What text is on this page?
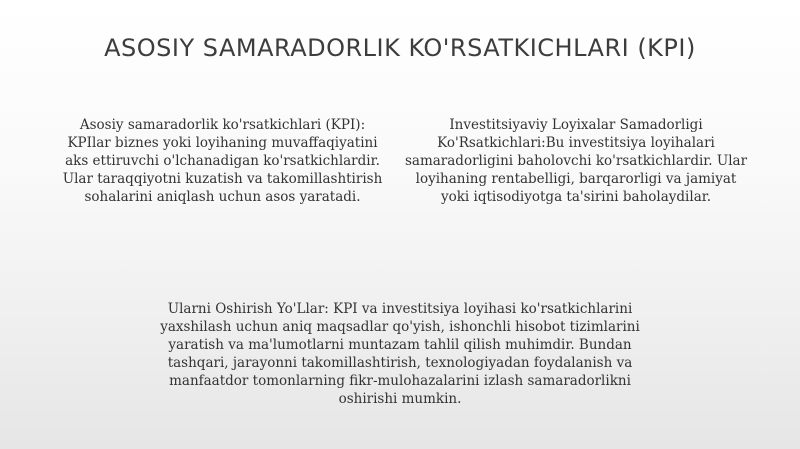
ASOSIY SAMARADORLIK KO'RSATKICHLARI (KPI)
Asosiy samaradorlik ko'rsatkichlari (KPI): KPIlar biznes yoki loyihaning muvaffaqiyatini aks ettiruvchi o'lchanadigan ko'rsatkichlardir. Ular taraqqiyotni kuzatish va takomillashtirish sohalarini aniqlash uchun asos yaratadi.
Investitsiyaviy Loyixalar Samadorligi Ko'Rsatkichlari:Bu investitsiya loyihalari samaradorligini baholovchi ko'rsatkichlardir. Ular loyihaning rentabelligi, barqarorligi va jamiyat yoki iqtisodiyotga ta'sirini baholaydilar.
Ularni Oshirish Yo'Llar: KPI va investitsiya loyihasi ko'rsatkichlarini yaxshilash uchun aniq maqsadlar qo'yish, ishonchli hisobot tizimlarini yaratish va ma'lumotlarni muntazam tahlil qilish muhimdir. Bundan tashqari, jarayonni takomillashtirish, texnologiyadan foydalanish va manfaatdor tomonlarning fikr-mulohazalarini izlash samaradorlikni oshirishi mumkin.
